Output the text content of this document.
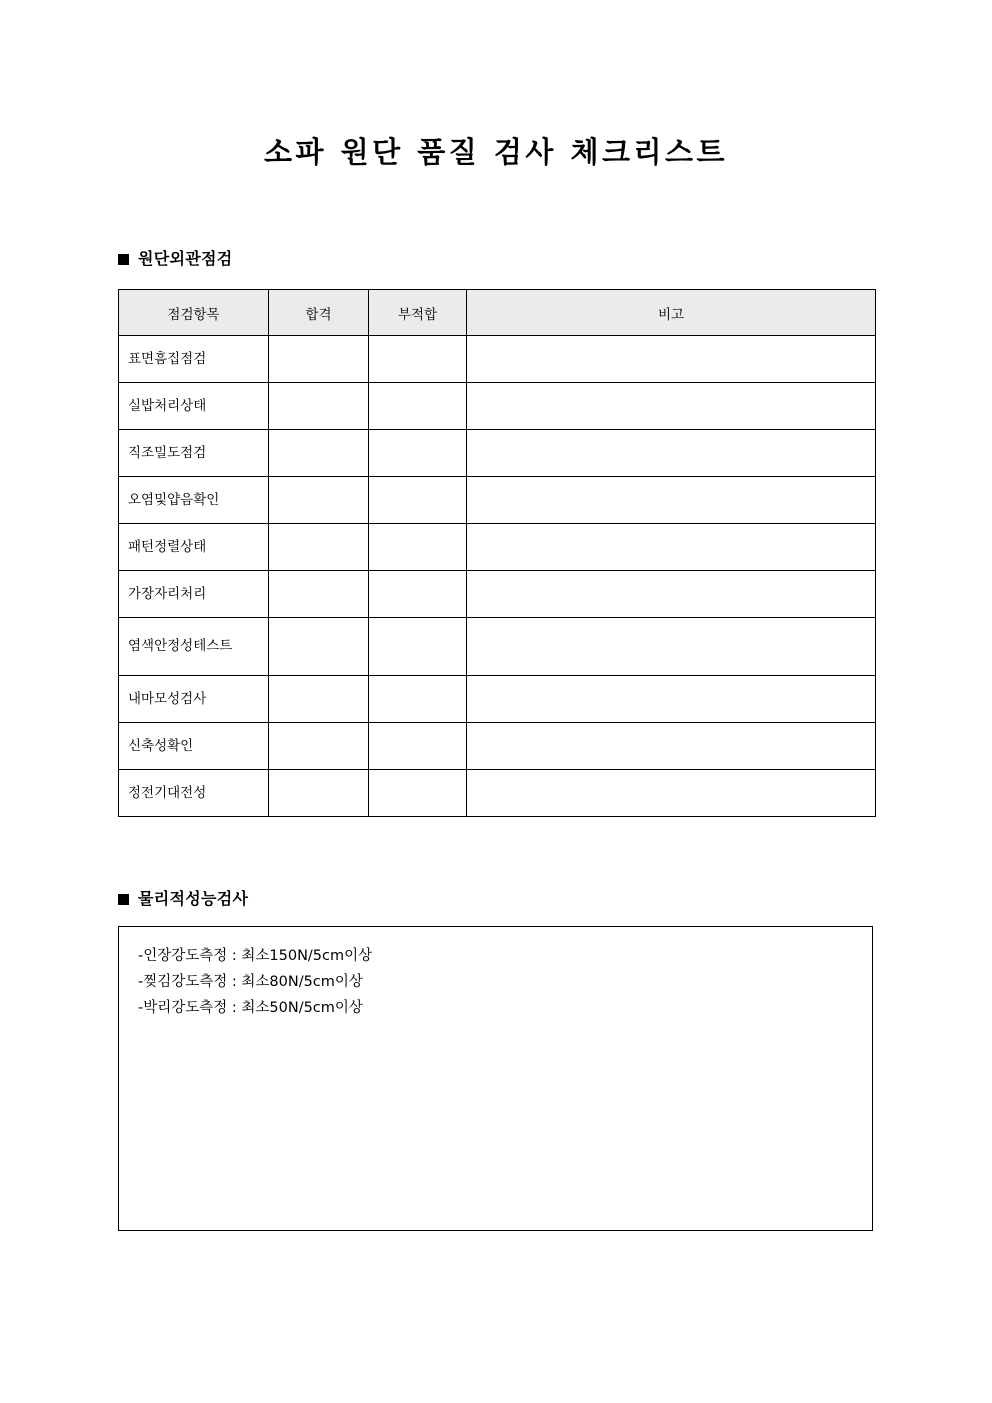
소파 원단 품질 검사 체크리스트
원단외관점검
점검항목	합격	부적합	비고
표면흠집점검			
실밥처리상태			
직조밀도점검			
오염및얍음확인			
패턴정렬상태			
가장자리처리			
염색안정성테스트			
내마모성검사			
신축성확인			
정전기대전성			
물리적성능검사
-인장강도측정 : 최소150N/5cm이상
-찢김강도측정 : 최소80N/5cm이상
-박리강도측정 : 최소50N/5cm이상
